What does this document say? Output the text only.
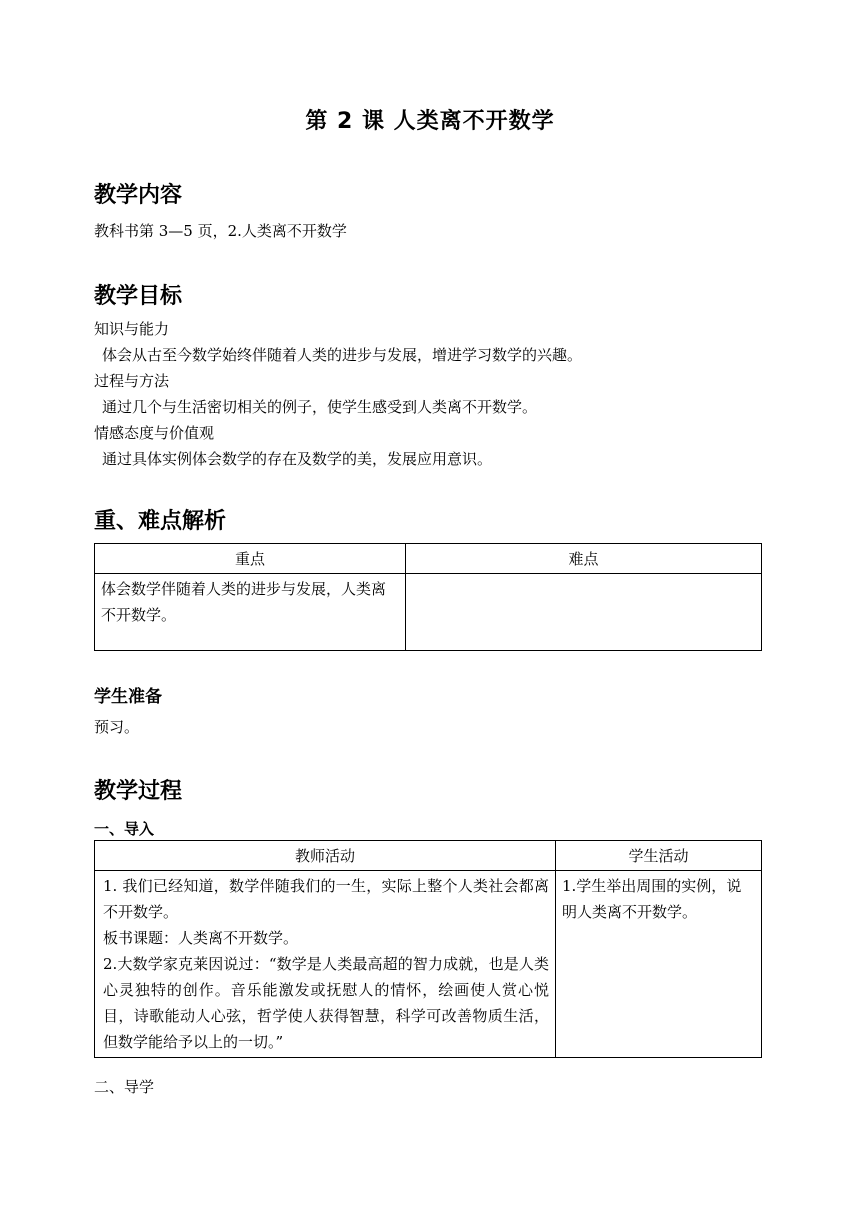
第 2 课 人类离不开数学
教学内容
教科书第 3—5 页，2.人类离不开数学
教学目标
知识与能力
体会从古至今数学始终伴随着人类的进步与发展，增进学习数学的兴趣。
过程与方法
通过几个与生活密切相关的例子，使学生感受到人类离不开数学。
情感态度与价值观
通过具体实例体会数学的存在及数学的美，发展应用意识。
重、难点解析
重点	难点
体会数学伴随着人类的进步与发展，人类离不开数学。	
学生准备
预习。
教学过程
一、导入
教师活动	学生活动

1. 我们已经知道，数学伴随我们的一生，实际上整个人类社会都离不开数学。
板书课题：人类离不开数学。
2.大数学家克莱因说过：“数学是人类最高超的智力成就，也是人类心灵独特的创作。音乐能激发或抚慰人的情怀，绘画使人赏心悦目，诗歌能动人心弦，哲学使人获得智慧，科学可改善物质生活，但数学能给予以上的一切。”	1.学生举出周围的实例，说明人类离不开数学。
二、导学
